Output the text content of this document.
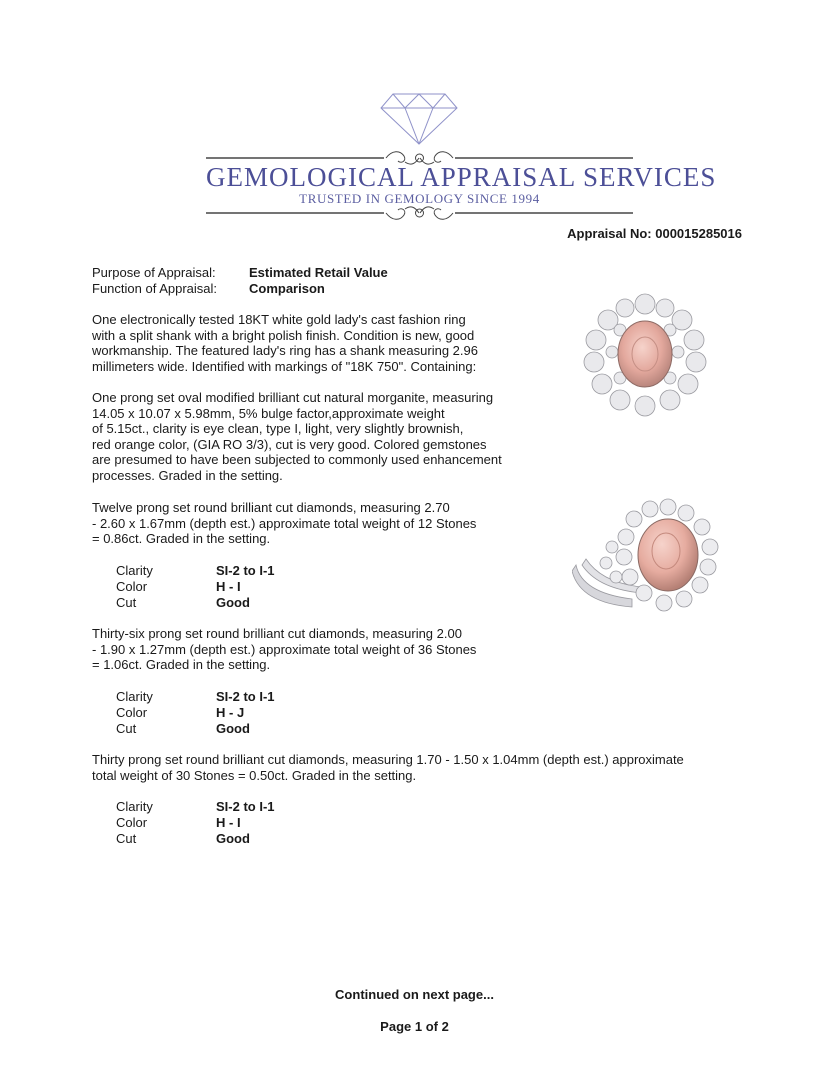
GEMOLOGICAL APPRAISAL SERVICES
TRUSTED IN GEMOLOGY SINCE 1994
Appraisal No: 000015285016
Purpose of Appraisal:	Estimated Retail Value
Function of Appraisal: Comparison
One electronically tested 18KT white gold lady's cast fashion ring
with a split shank with a bright polish finish. Condition is new, good
workmanship. The featured lady's ring has a shank measuring 2.96
millimeters wide. Identified with markings of "18K 750". Containing:
One prong set oval modified brilliant cut natural morganite, measuring
14.05 x 10.07 x 5.98mm, 5% bulge factor,approximate weight
of 5.15ct., clarity is eye clean, type I, light, very slightly brownish,
red orange color, (GIA RO 3/3), cut is very good. Colored gemstones
are presumed to have been subjected to commonly used enhancement
processes. Graded in the setting.
Twelve prong set round brilliant cut diamonds, measuring 2.70
- 2.60 x 1.67mm (depth est.) approximate total weight of 12 Stones
= 0.86ct. Graded in the setting.
Clarity	SI-2 to I-1
Color	H - I
Cut	Good
Thirty-six prong set round brilliant cut diamonds, measuring 2.00
- 1.90 x 1.27mm (depth est.) approximate total weight of 36 Stones
= 1.06ct. Graded in the setting.
Clarity	SI-2 to I-1
Color	H - J
Cut	Good
Thirty prong set round brilliant cut diamonds, measuring 1.70 - 1.50 x 1.04mm (depth est.) approximate
total weight of 30 Stones = 0.50ct. Graded in the setting.
Clarity	SI-2 to I-1
Color	H - I
Cut	Good
Continued on next page...
Page 1 of 2
